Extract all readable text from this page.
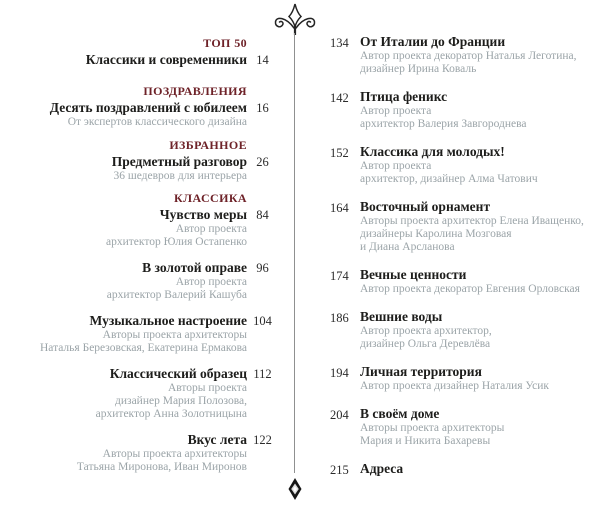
ТОП 50
Классики и современники 14
ПОЗДРАВЛЕНИЯ
Десять поздравлений с юбилеем 16
От экспертов классического дизайна
ИЗБРАННОЕ
Предметный разговор 26
36 шедевров для интерьера
КЛАССИКА
Чувство меры 84
Автор проекта
архитектор Юлия Остапенко
В золотой оправе 96
Автор проекта
архитектор Валерий Кашуба
Музыкальное настроение 104
Авторы проекта архитекторы
Наталья Березовская, Екатерина Ермакова
Классический образец 112
Авторы проекта
дизайнер Мария Полозова,
архитектор Анна Золотницына
Вкус лета 122
Авторы проекта архитекторы
Татьяна Миронова, Иван Миронов
134 От Италии до Франции
Автор проекта декоратор Наталья Леготина,
дизайнер Ирина Коваль
142 Птица феникс
Автор проекта
архитектор Валерия Завгороднева
152 Классика для молодых!
Автор проекта
архитектор, дизайнер Алма Чатович
164 Восточный орнамент
Авторы проекта архитектор Елена Иващенко,
дизайнеры Каролина Мозговая
и Диана Арсланова
174 Вечные ценности
Автор проекта декоратор Евгения Орловская
186 Вешние воды
Автор проекта архитектор,
дизайнер Ольга Деревлёва
194 Личная территория
Автор проекта дизайнер Наталия Усик
204 В своём доме
Авторы проекта архитекторы
Мария и Никита Бахаревы
215 Адреса
